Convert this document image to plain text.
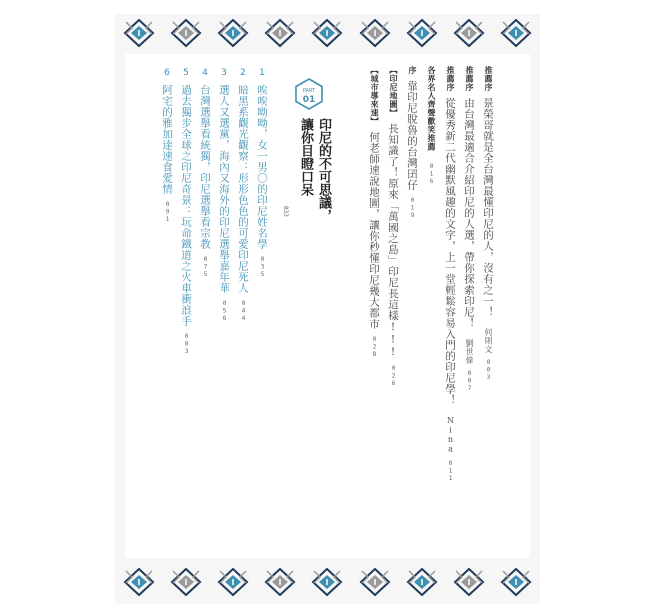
推薦序景榮哥就是全台灣最懂印尼的人，沒有之一！何則文003
推薦序由台灣最適合介紹印尼的人選，帶你探索印尼！劉世偉007
推薦序從優秀新二代幽默風趣的文字，上一堂輕鬆容易入門的印尼學！Nina011
各界名人齊聲歡笑推薦016
序靠印尼脫魯的台灣囝仔019
【印尼地圖】長知識了！原來「萬國之島」印尼長這樣!!!026
【城市導來速】何老師速說地圖，讓你秒懂印尼幾大都市028
PART
01
印尼的不可思議，
讓你目瞪口呆
033
1唉唉呦呦，女一男〇的印尼姓名學035
2暗黑系觀光觀察：形形色色的可愛印尼死人044
3選人又選黨，海內又海外的印尼選舉嘉年華056
4台灣選舉看統獨，印尼選舉看宗教075
5過去獨步全球之印尼奇景：玩命鐵道之火車衝浪手083
6阿宅的雅加達速食愛情091
